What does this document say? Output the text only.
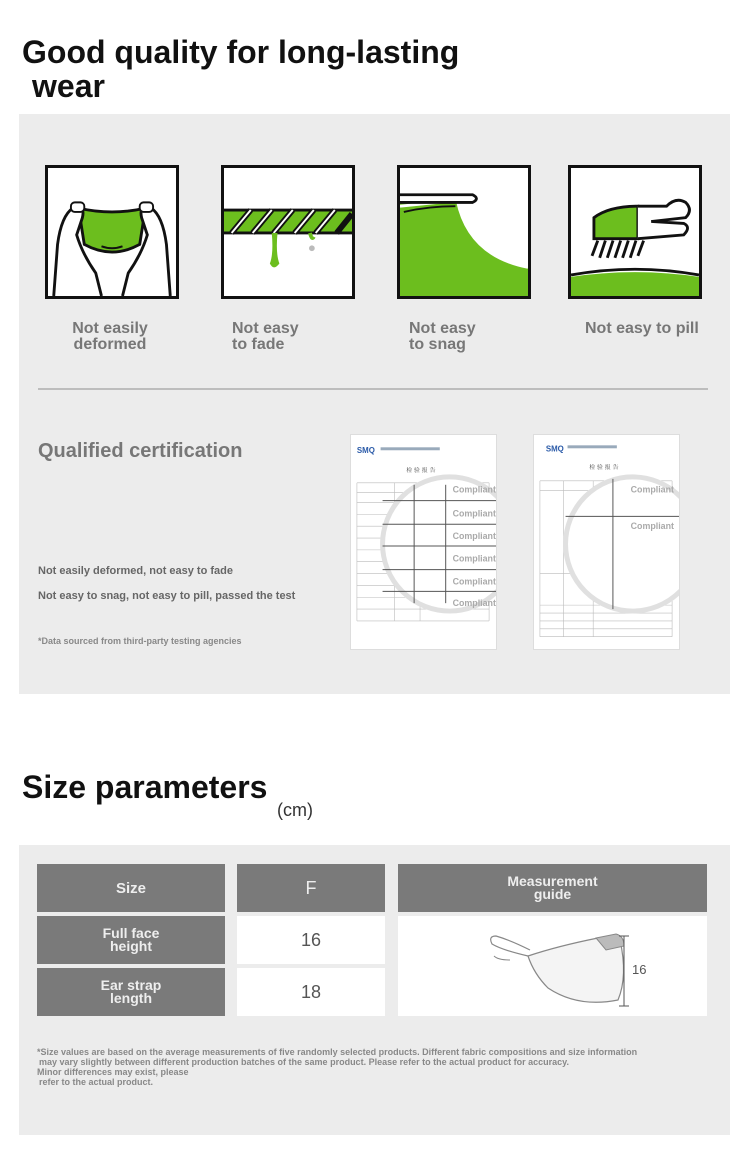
Good quality for long-lasting
wear
Not easily
deformed
Not easy
to fade
Not easy
to snag
Not easy to pill
Qualified certification
Not easily deformed, not easy to fade
Not easy to snag, not easy to pill, passed the test
*Data sourced from third-party testing agencies
SMQ
检 验 报 告
Compliant
Compliant
Compliant
Compliant
Compliant
Compliant
SMQ
检 验 报 告
Compliant
Compliant
Size parameters
(cm)
Size	F	Measurement guide
Full face height	16
Ear strap length	18
16
*Size values are based on the average measurements of five randomly selected products. Different fabric compositions and size information
may vary slightly between different production batches of the same product. Please refer to the actual product for accuracy.
Minor differences may exist, please
refer to the actual product.
